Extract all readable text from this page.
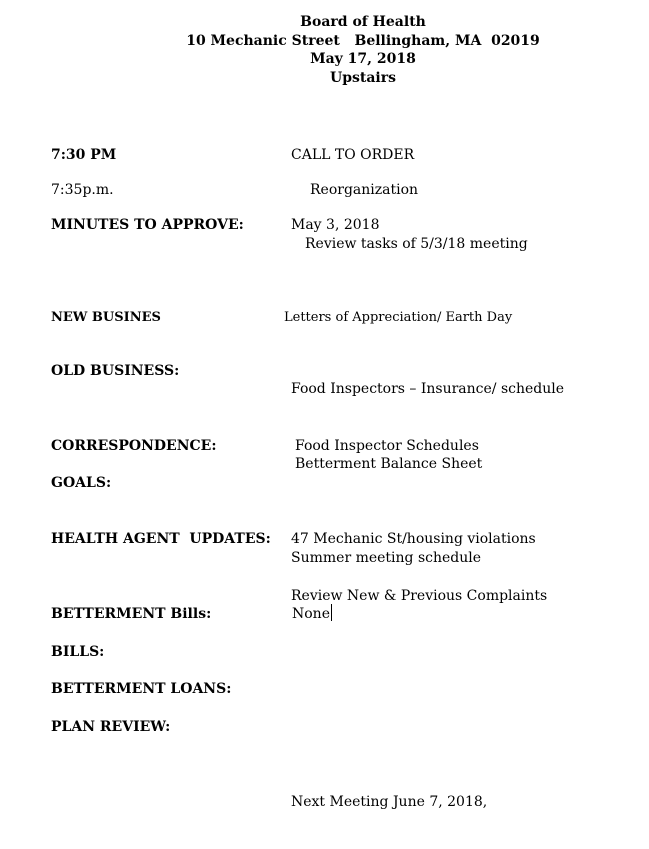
Board of Health
10 Mechanic Street   Bellingham, MA  02019
May 17, 2018
Upstairs
7:30 PM	CALL TO ORDER
7:35p.m.	Reorganization
MINUTES TO APPROVE:	May 3, 2018
Review tasks of 5/3/18 meeting
NEW BUSINES	Letters of Appreciation/ Earth Day
OLD BUSINESS:
Food Inspectors – Insurance/ schedule
CORRESPONDENCE:	Food Inspector Schedules
Betterment Balance Sheet
GOALS:
HEALTH AGENT  UPDATES: 47 Mechanic St/housing violations
Summer meeting schedule
Review New & Previous Complaints
BETTERMENT Bills:	None
BILLS:
BETTERMENT LOANS:
PLAN REVIEW:
Next Meeting June 7, 2018,
